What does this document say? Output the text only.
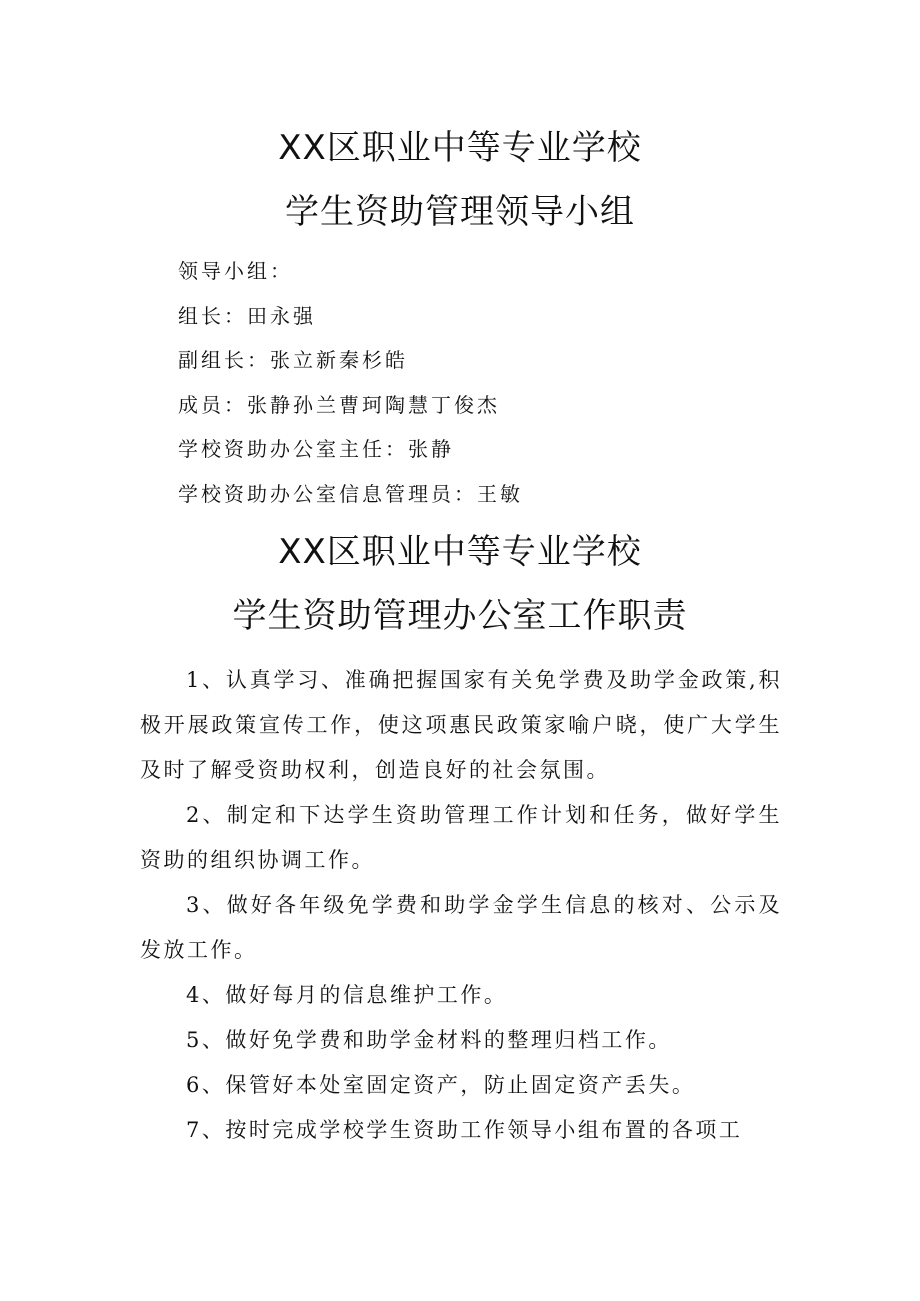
XX区职业中等专业学校
学生资助管理领导小组
领导小组：
组长：田永强
副组长：张立新秦杉皓
成员：张静孙兰曹珂陶慧丁俊杰
学校资助办公室主任：张静
学校资助办公室信息管理员：王敏
XX区职业中等专业学校
学生资助管理办公室工作职责

1、认真学习、准确把握国家有关免学费及助学金政策,积极开展政策宣传工作，使这项惠民政策家喻户晓，使广大学生及时了解受资助权利，创造良好的社会氛围。

2、制定和下达学生资助管理工作计划和任务，做好学生资助的组织协调工作。

3、做好各年级免学费和助学金学生信息的核对、公示及发放工作。

4、做好每月的信息维护工作。

5、做好免学费和助学金材料的整理归档工作。

6、保管好本处室固定资产，防止固定资产丢失。

7、按时完成学校学生资助工作领导小组布置的各项工
